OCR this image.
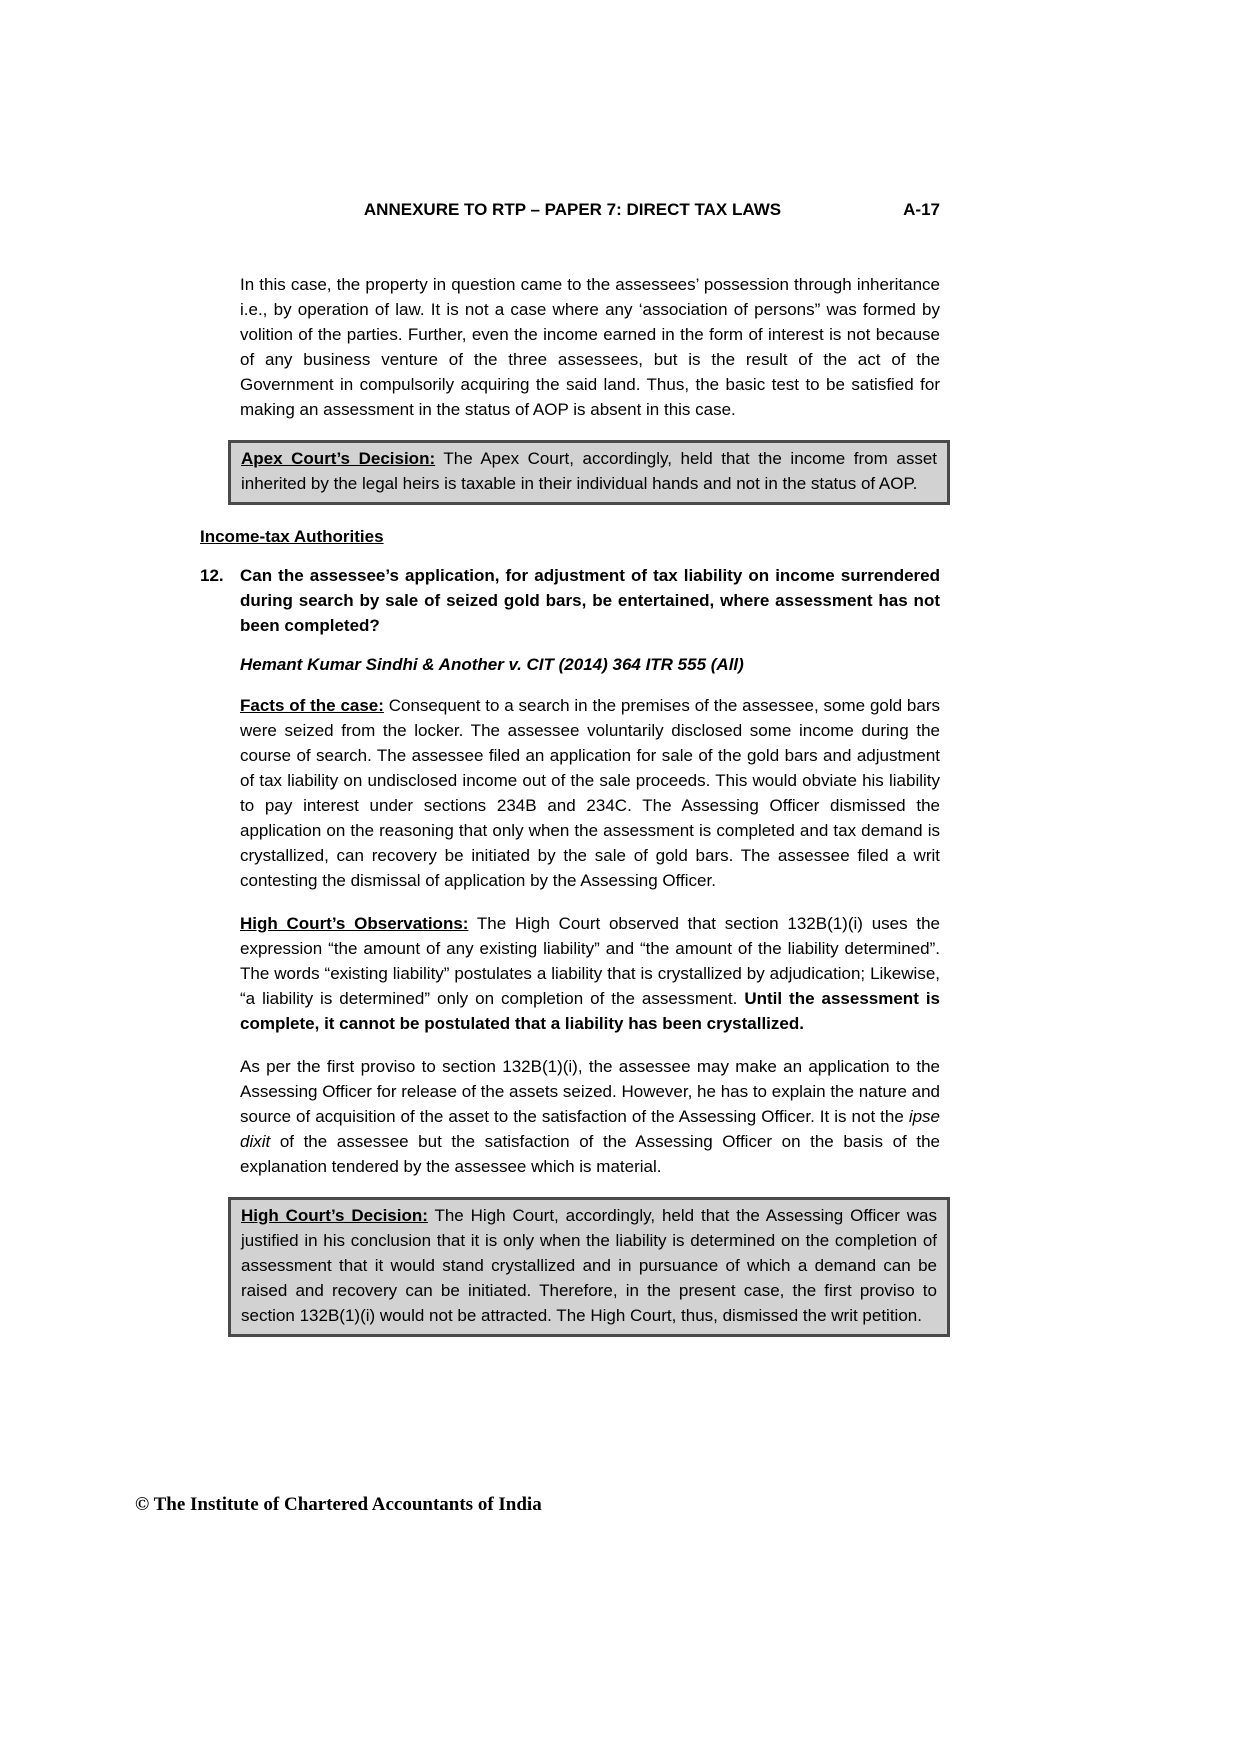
ANNEXURE TO RTP – PAPER 7: DIRECT TAX LAWS	A-17

In this case, the property in question came to the assessees’ possession through inheritance i.e., by operation of law. It is not a case where any ‘association of persons” was formed by volition of the parties. Further, even the income earned in the form of interest is not because of any business venture of the three assessees, but is the result of the act of the Government in compulsorily acquiring the said land. Thus, the basic test to be satisfied for making an assessment in the status of AOP is absent in this case.

Apex Court’s Decision: The Apex Court, accordingly, held that the income from asset inherited by the legal heirs is taxable in their individual hands and not in the status of AOP.
Income-tax Authorities
12. Can the assessee’s application, for adjustment of tax liability on income surrendered during search by sale of seized gold bars, be entertained, where assessment has not been completed?

Hemant Kumar Sindhi & Another v. CIT (2014) 364 ITR 555 (All)

Facts of the case: Consequent to a search in the premises of the assessee, some gold bars were seized from the locker. The assessee voluntarily disclosed some income during the course of search. The assessee filed an application for sale of the gold bars and adjustment of tax liability on undisclosed income out of the sale proceeds. This would obviate his liability to pay interest under sections 234B and 234C. The Assessing Officer dismissed the application on the reasoning that only when the assessment is completed and tax demand is crystallized, can recovery be initiated by the sale of gold bars. The assessee filed a writ contesting the dismissal of application by the Assessing Officer.

High Court’s Observations: The High Court observed that section 132B(1)(i) uses the expression “the amount of any existing liability” and “the amount of the liability determined”. The words “existing liability” postulates a liability that is crystallized by adjudication; Likewise, “a liability is determined” only on completion of the assessment. Until the assessment is complete, it cannot be postulated that a liability has been crystallized.

As per the first proviso to section 132B(1)(i), the assessee may make an application to the Assessing Officer for release of the assets seized. However, he has to explain the nature and source of acquisition of the asset to the satisfaction of the Assessing Officer. It is not the ipse dixit of the assessee but the satisfaction of the Assessing Officer on the basis of the explanation tendered by the assessee which is material.

High Court’s Decision: The High Court, accordingly, held that the Assessing Officer was justified in his conclusion that it is only when the liability is determined on the completion of assessment that it would stand crystallized and in pursuance of which a demand can be raised and recovery can be initiated. Therefore, in the present case, the first proviso to section 132B(1)(i) would not be attracted. The High Court, thus, dismissed the writ petition.
© The Institute of Chartered Accountants of India
